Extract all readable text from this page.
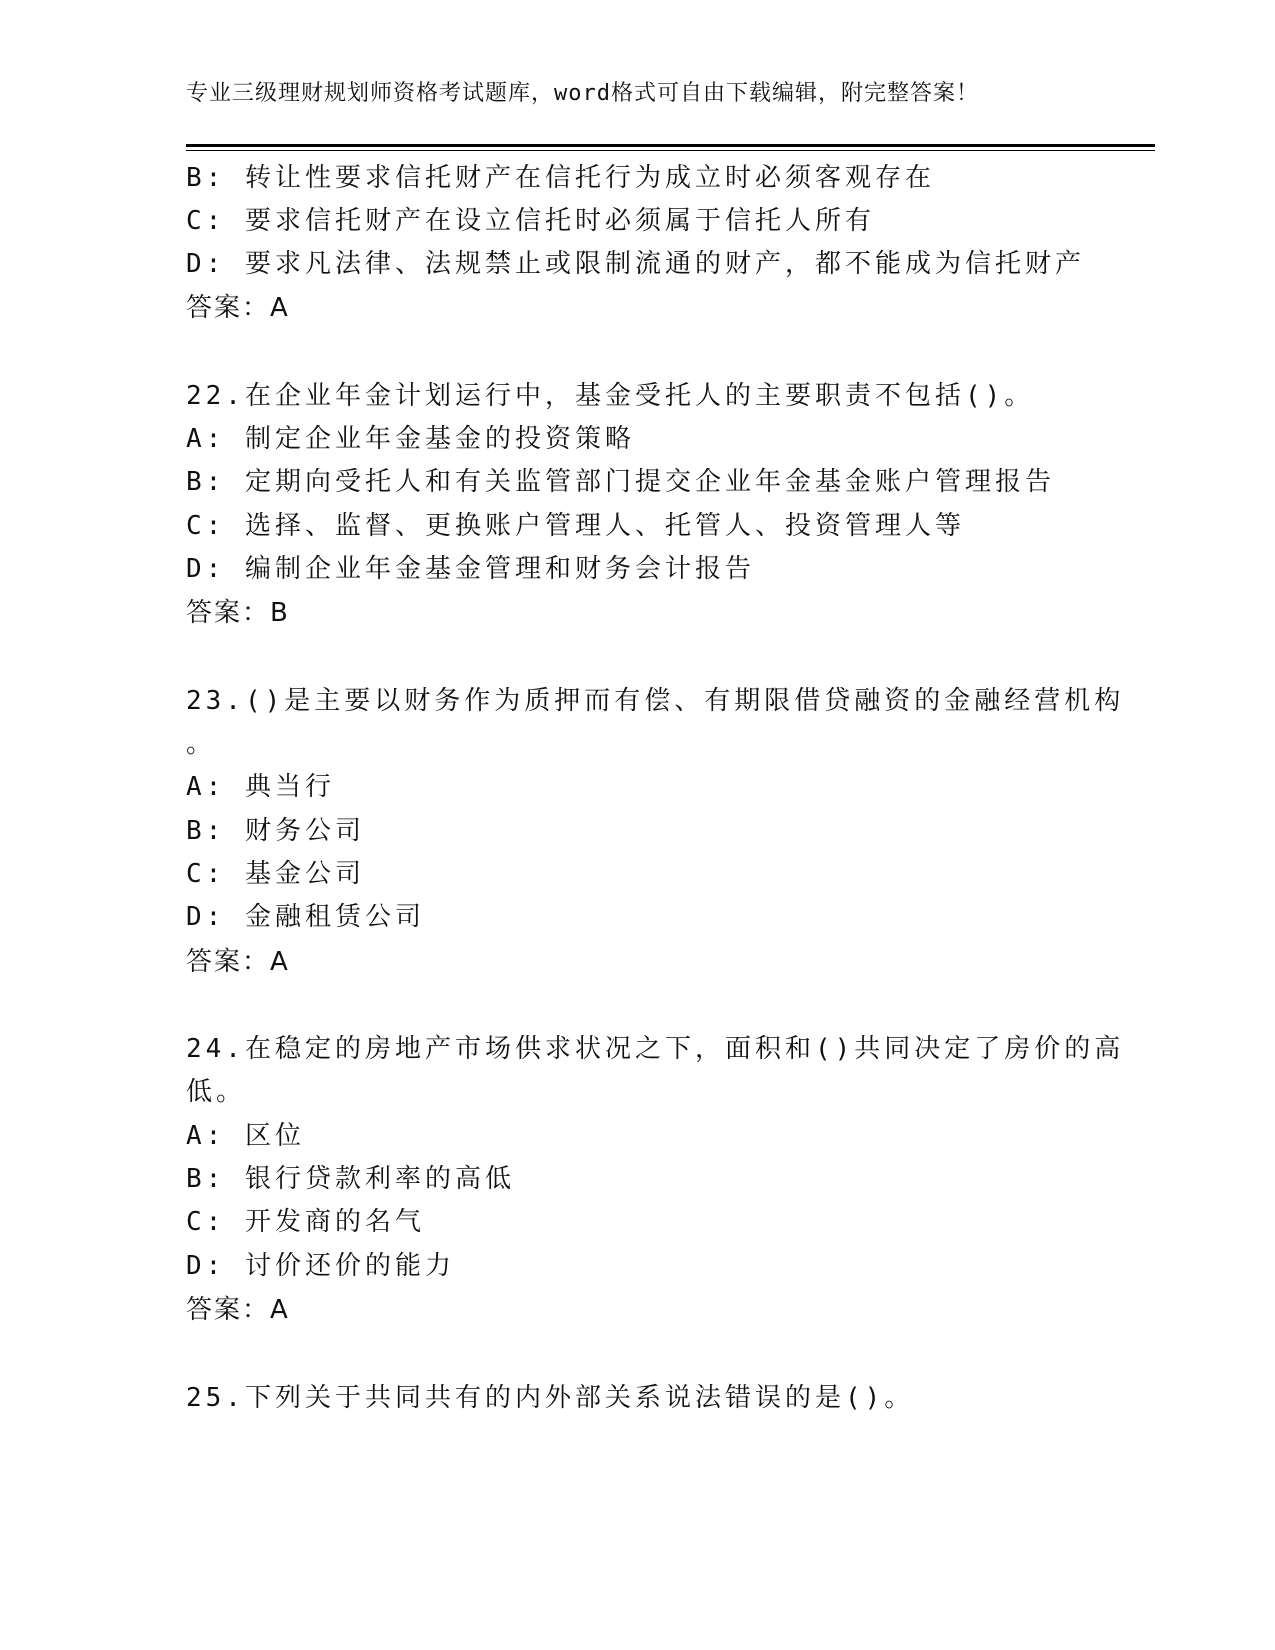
专业三级理财规划师资格考试题库，word格式可自由下载编辑，附完整答案！
B: 转让性要求信托财产在信托行为成立时必须客观存在
C: 要求信托财产在设立信托时必须属于信托人所有
D: 要求凡法律、法规禁止或限制流通的财产，都不能成为信托财产
答案：A
22.在企业年金计划运行中，基金受托人的主要职责不包括()。
A: 制定企业年金基金的投资策略
B: 定期向受托人和有关监管部门提交企业年金基金账户管理报告
C: 选择、监督、更换账户管理人、托管人、投资管理人等
D: 编制企业年金基金管理和财务会计报告
答案：B
23.()是主要以财务作为质押而有偿、有期限借贷融资的金融经营机构
。
A: 典当行
B: 财务公司
C: 基金公司
D: 金融租赁公司
答案：A
24.在稳定的房地产市场供求状况之下，面积和()共同决定了房价的高
低。
A: 区位
B: 银行贷款利率的高低
C: 开发商的名气
D: 讨价还价的能力
答案：A
25.下列关于共同共有的内外部关系说法错误的是()。
